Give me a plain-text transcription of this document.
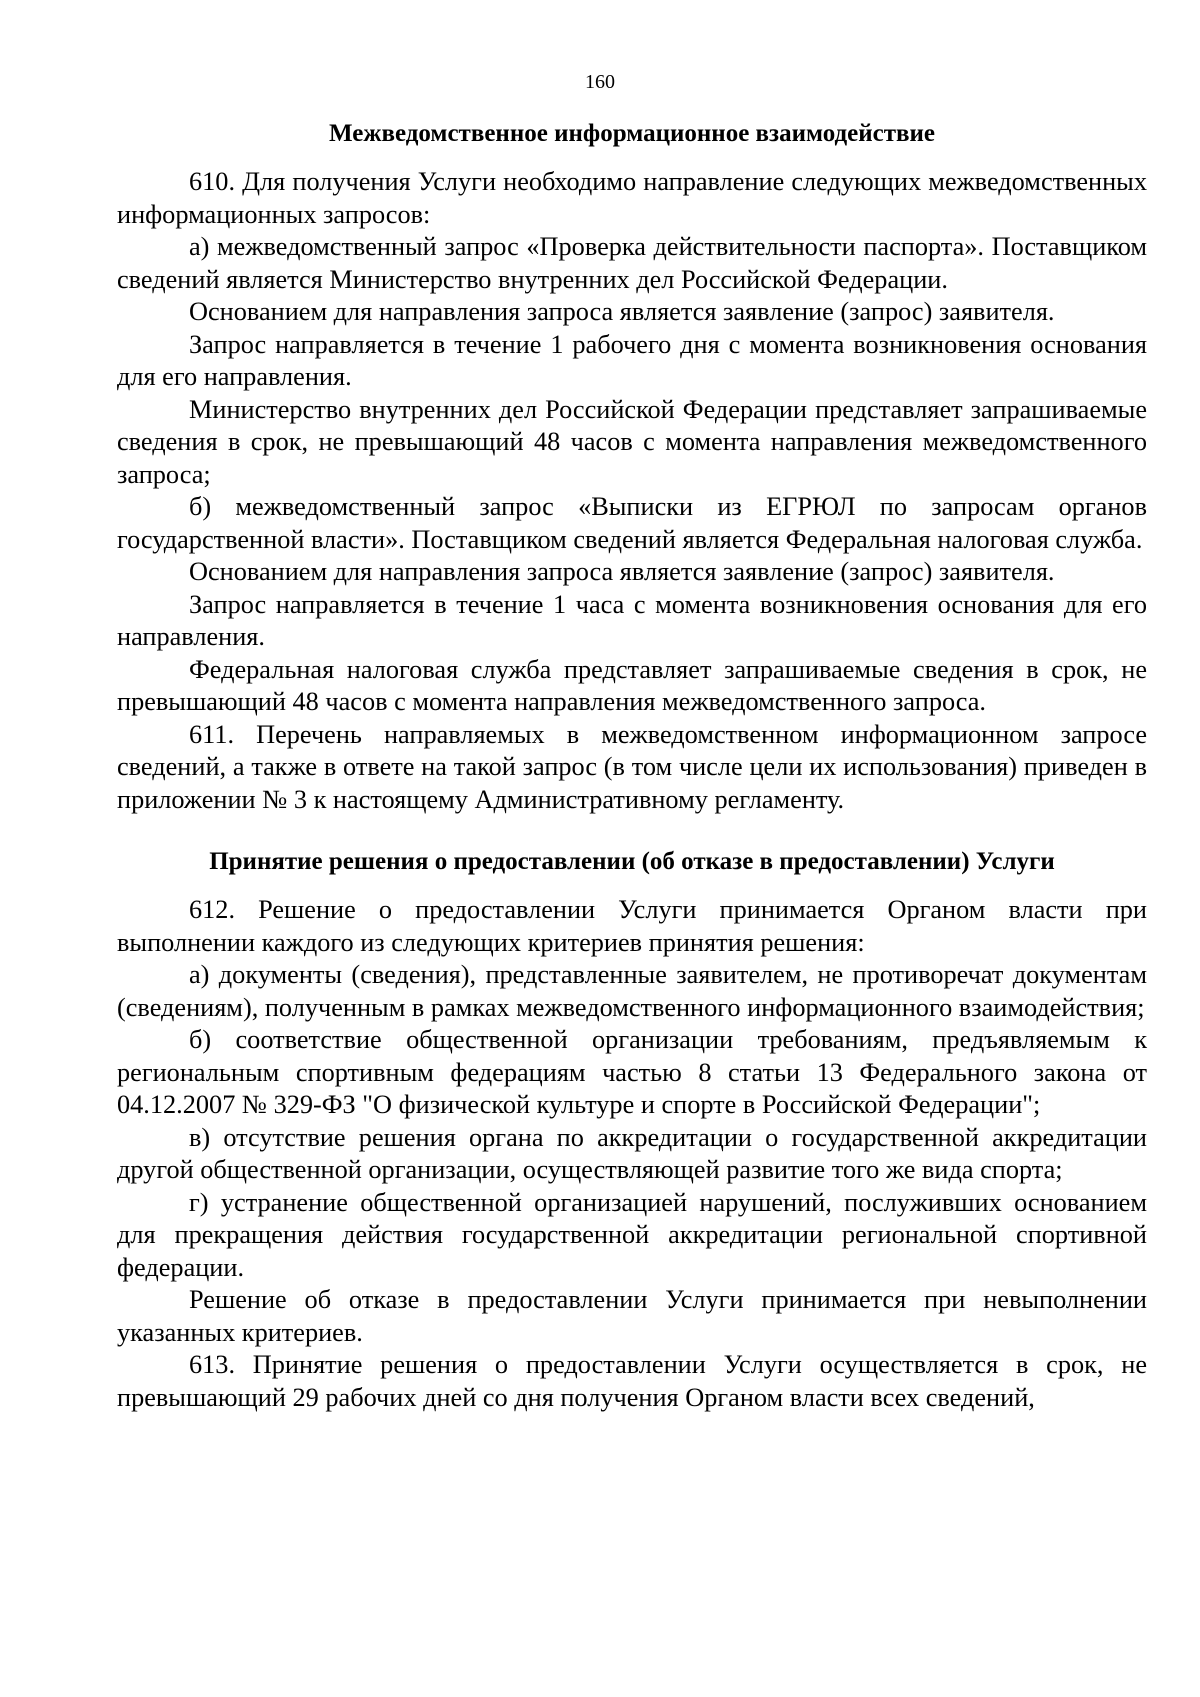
160
Межведомственное информационное взаимодействие

610. Для получения Услуги необходимо направление следующих межведомственных информационных запросов:

а) межведомственный запрос «Проверка действительности паспорта». Поставщиком сведений является Министерство внутренних дел Российской Федерации.

Основанием для направления запроса является заявление (запрос) заявителя.

Запрос направляется в течение 1 рабочего дня с момента возникновения основания для его направления.

Министерство внутренних дел Российской Федерации представляет запрашиваемые сведения в срок, не превышающий 48 часов с момента направления межведомственного запроса;

б) межведомственный запрос «Выписки из ЕГРЮЛ по запросам органов государственной власти». Поставщиком сведений является Федеральная налоговая служба.

Основанием для направления запроса является заявление (запрос) заявителя.

Запрос направляется в течение 1 часа с момента возникновения основания для его направления.

Федеральная налоговая служба представляет запрашиваемые сведения в срок, не превышающий 48 часов с момента направления межведомственного запроса.

611. Перечень направляемых в межведомственном информационном запросе сведений, а также в ответе на такой запрос (в том числе цели их использования) приведен в приложении № 3 к настоящему Административному регламенту.

Принятие решения о предоставлении (об отказе в предоставлении) Услуги

612. Решение о предоставлении Услуги принимается Органом власти при выполнении каждого из следующих критериев принятия решения:

а) документы (сведения), представленные заявителем, не противоречат документам (сведениям), полученным в рамках межведомственного информационного взаимодействия;

б) соответствие общественной организации требованиям, предъявляемым к региональным спортивным федерациям частью 8 статьи 13 Федерального закона от 04.12.2007 № 329-ФЗ "О физической культуре и спорте в Российской Федерации";

в) отсутствие решения органа по аккредитации о государственной аккредитации другой общественной организации, осуществляющей развитие того же вида спорта;

г) устранение общественной организацией нарушений, послуживших основанием для прекращения действия государственной аккредитации региональной спортивной федерации.

Решение об отказе в предоставлении Услуги принимается при невыполнении указанных критериев.

613. Принятие решения о предоставлении Услуги осуществляется в срок, не превышающий 29 рабочих дней со дня получения Органом власти всех сведений,
